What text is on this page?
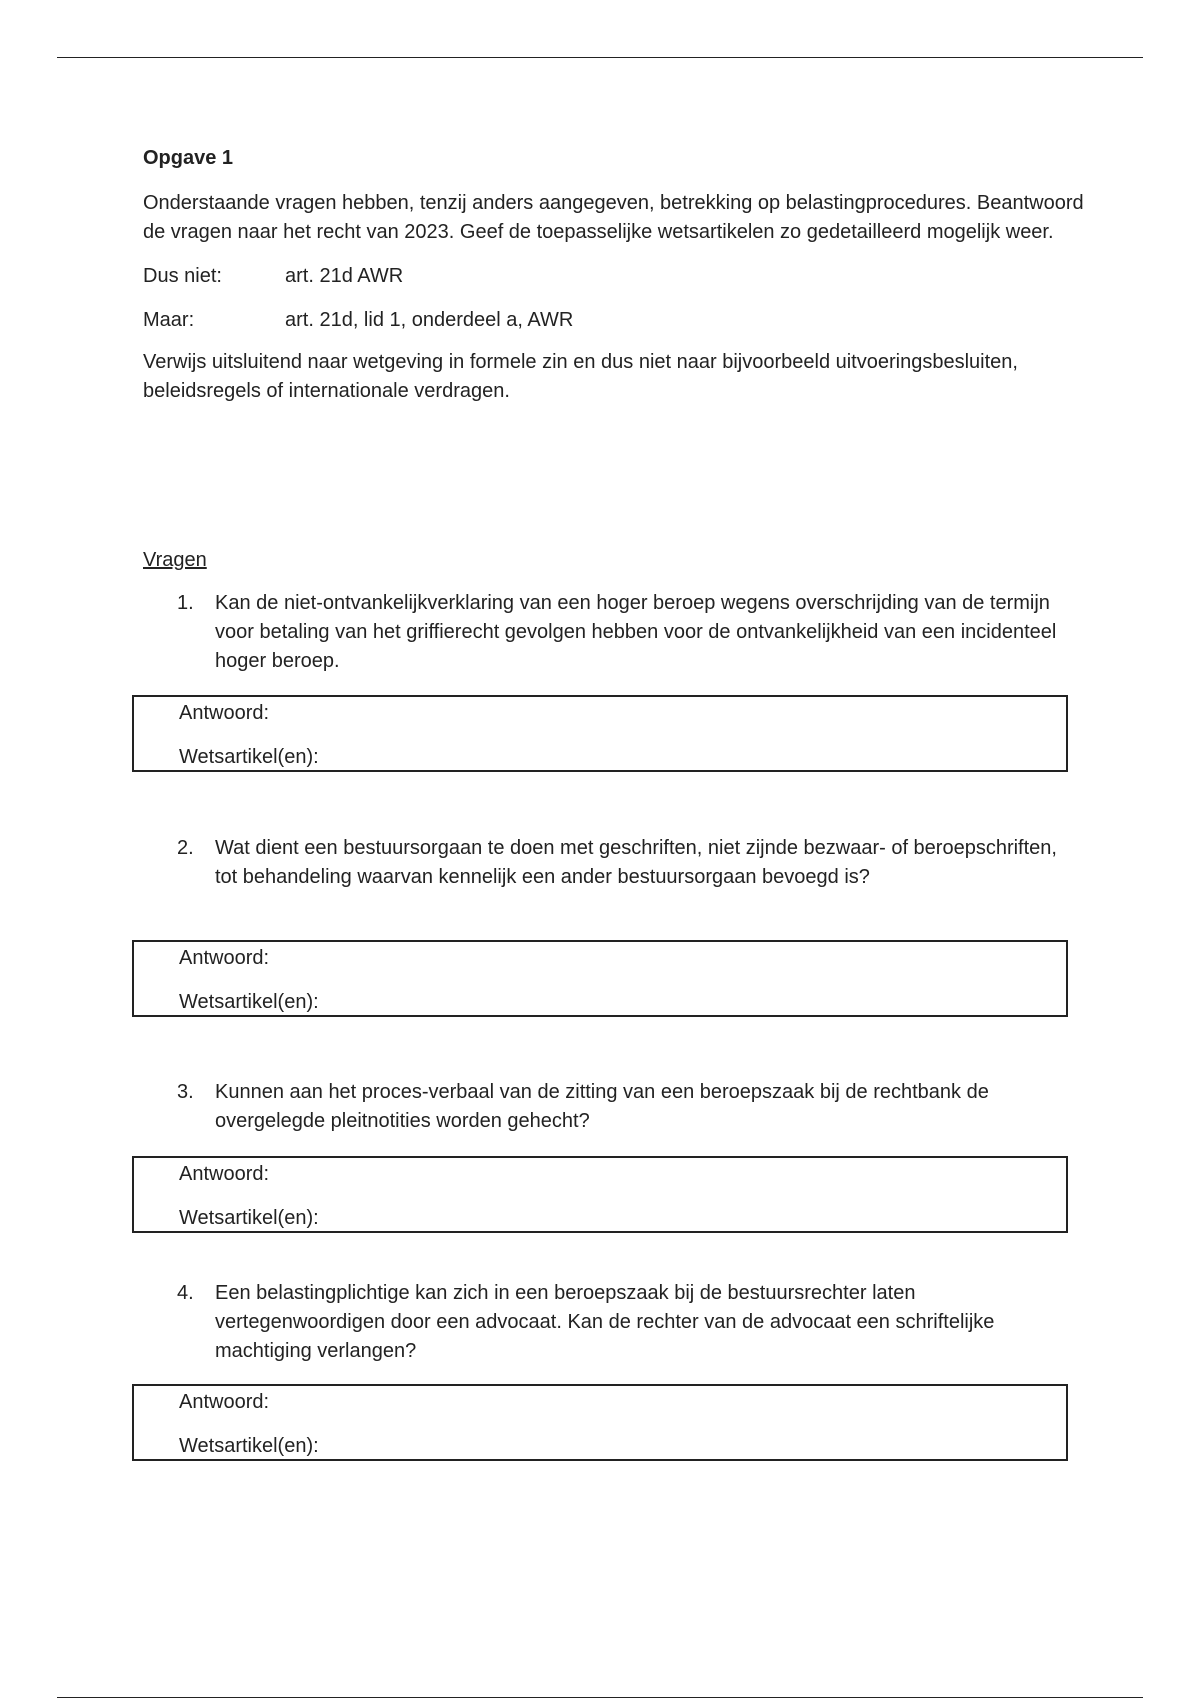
Opgave 1

Onderstaande vragen hebben, tenzij anders aangegeven, betrekking op belastingprocedures. Beantwoord de vragen naar het recht van 2023. Geef de toepasselijke wetsartikelen zo gedetailleerd mogelijk weer.

Dus niet:	art. 21d AWR
Maar:	art. 21d, lid 1, onderdeel a, AWR

Verwijs uitsluitend naar wetgeving in formele zin en dus niet naar bijvoorbeeld uitvoeringsbesluiten, beleidsregels of internationale verdragen.

Vragen

1.	Kan de niet-ontvankelijkverklaring van een hoger beroep wegens overschrijding van de termijn voor betaling van het griffierecht gevolgen hebben voor de ontvankelijkheid van een incidenteel hoger beroep.
Antwoord:
Wetsartikel(en):
2.	Wat dient een bestuursorgaan te doen met geschriften, niet zijnde bezwaar- of beroepschriften, tot behandeling waarvan kennelijk een ander bestuursorgaan bevoegd is?
Antwoord:
Wetsartikel(en):
3.	Kunnen aan het proces-verbaal van de zitting van een beroepszaak bij de rechtbank de overgelegde pleitnotities worden gehecht?
Antwoord:
Wetsartikel(en):
4.	Een belastingplichtige kan zich in een beroepszaak bij de bestuursrechter laten vertegenwoordigen door een advocaat. Kan de rechter van de advocaat een schriftelijke machtiging verlangen?
Antwoord:
Wetsartikel(en):
